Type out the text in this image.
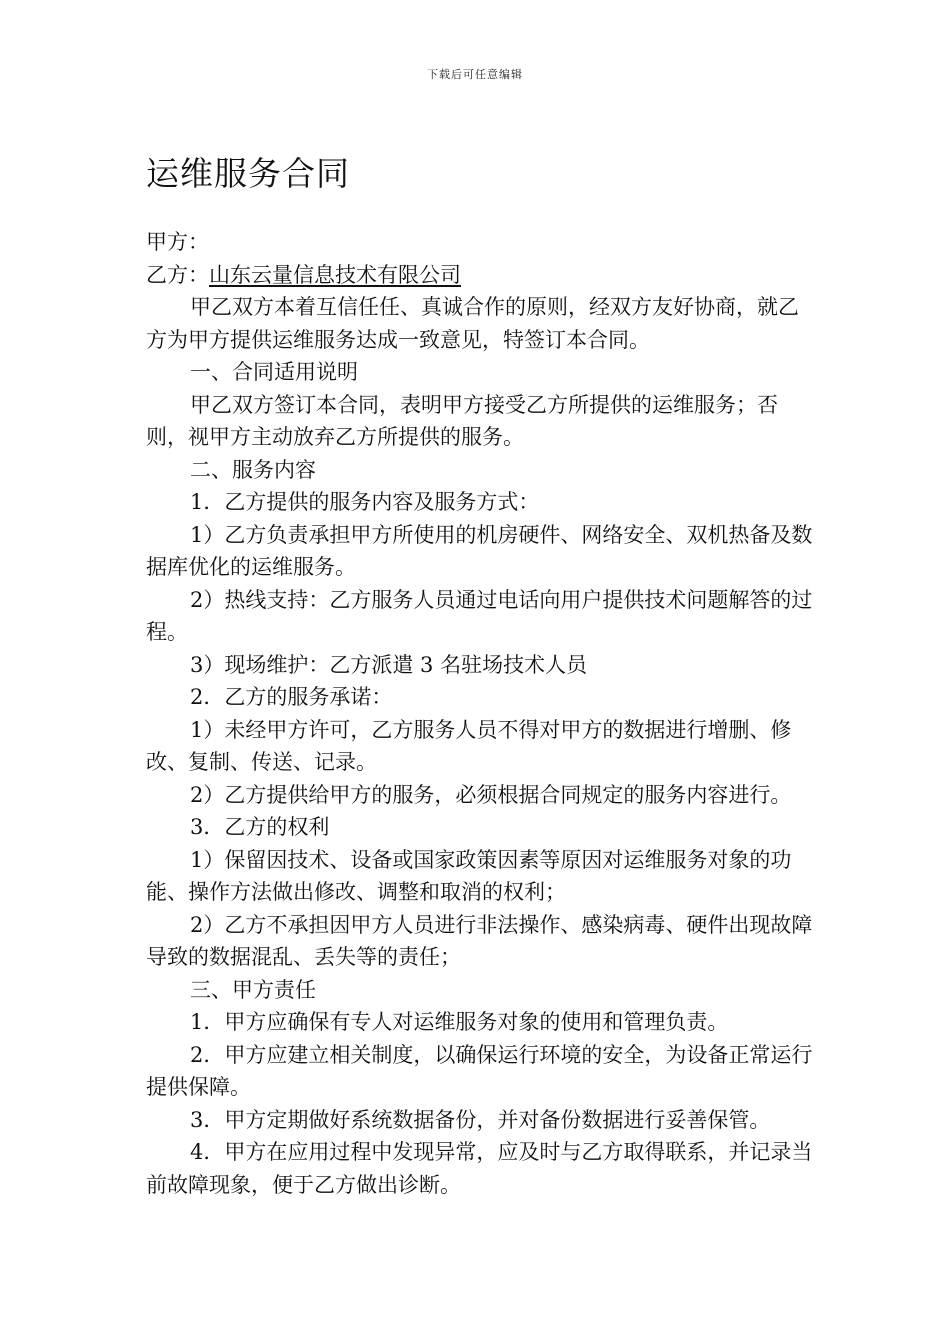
下载后可任意编辑
运维服务合同

甲方：

乙方：山东云量信息技术有限公司

甲乙双方本着互信任任、真诚合作的原则，经双方友好协商，就乙方为甲方提供运维服务达成一致意见，特签订本合同。

一、合同适用说明

甲乙双方签订本合同，表明甲方接受乙方所提供的运维服务；否则，视甲方主动放弃乙方所提供的服务。

二、服务内容

1．乙方提供的服务内容及服务方式：

1）乙方负责承担甲方所使用的机房硬件、网络安全、双机热备及数据库优化的运维服务。

2）热线支持：乙方服务人员通过电话向用户提供技术问题解答的过程。

3）现场维护：乙方派遣 3 名驻场技术人员

2．乙方的服务承诺：

1）未经甲方许可，乙方服务人员不得对甲方的数据进行增删、修改、复制、传送、记录。

2）乙方提供给甲方的服务，必须根据合同规定的服务内容进行。

3．乙方的权利

1）保留因技术、设备或国家政策因素等原因对运维服务对象的功能、操作方法做出修改、调整和取消的权利；

2）乙方不承担因甲方人员进行非法操作、感染病毒、硬件出现故障导致的数据混乱、丢失等的责任；

三、甲方责任

1．甲方应确保有专人对运维服务对象的使用和管理负责。

2．甲方应建立相关制度，以确保运行环境的安全，为设备正常运行提供保障。

3．甲方定期做好系统数据备份，并对备份数据进行妥善保管。

4．甲方在应用过程中发现异常，应及时与乙方取得联系，并记录当前故障现象，便于乙方做出诊断。
